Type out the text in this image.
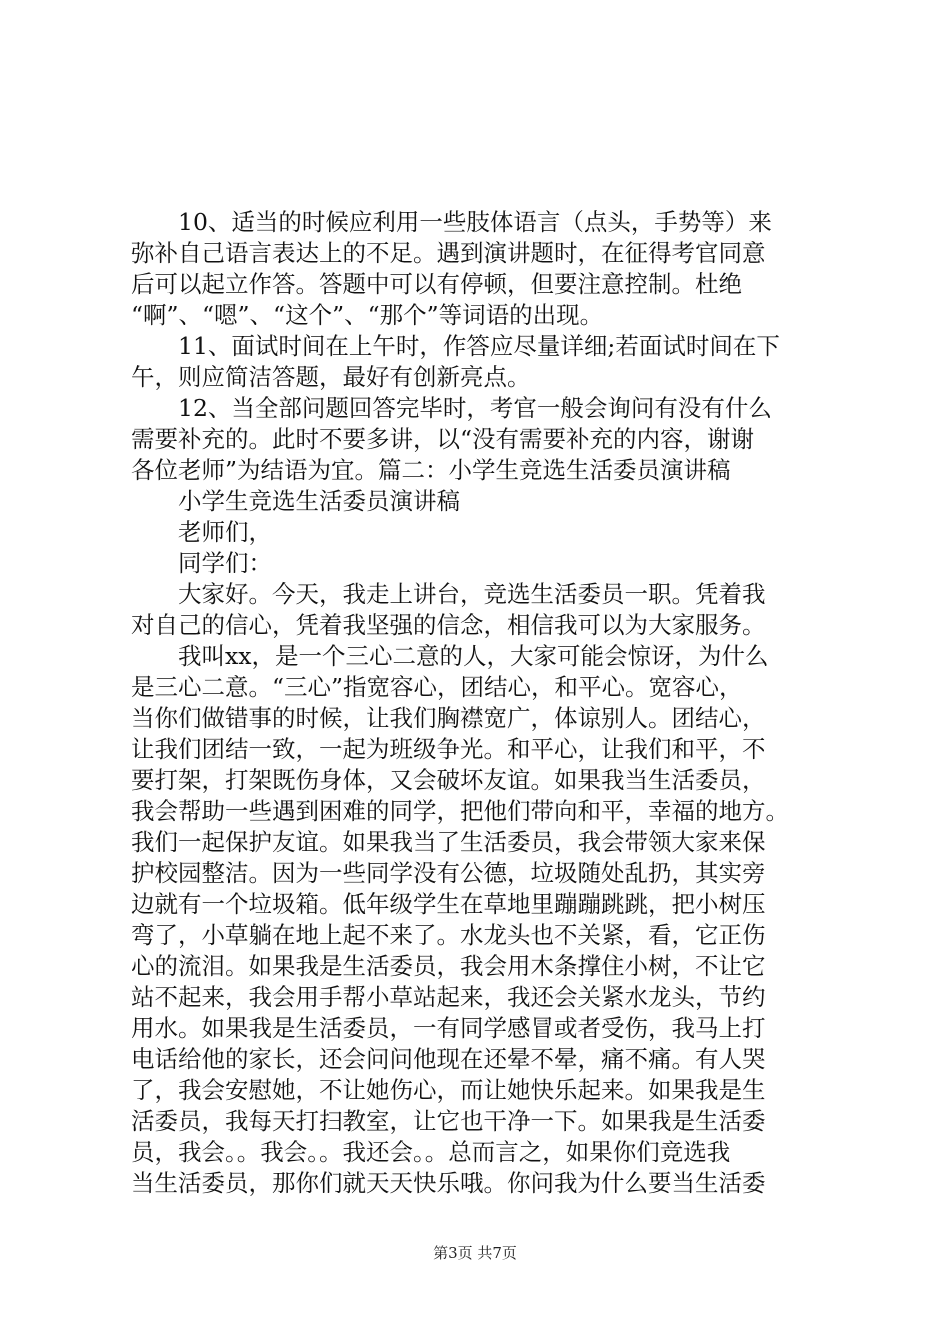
10、适当的时候应利用一些肢体语言（点头，手势等）来
弥补自己语言表达上的不足。遇到演讲题时，在征得考官同意
后可以起立作答。答题中可以有停顿，但要注意控制。杜绝
“啊”、“嗯”、“这个”、“那个”等词语的出现。
11、面试时间在上午时，作答应尽量详细;若面试时间在下
午，则应简洁答题，最好有创新亮点。
12、当全部问题回答完毕时，考官一般会询问有没有什么
需要补充的。此时不要多讲，以“没有需要补充的内容，谢谢
各位老师”为结语为宜。篇二：小学生竞选生活委员演讲稿
小学生竞选生活委员演讲稿
老师们，
同学们：
大家好。今天，我走上讲台，竞选生活委员一职。凭着我
对自己的信心，凭着我坚强的信念，相信我可以为大家服务。
我叫xx，是一个三心二意的人，大家可能会惊讶，为什么
是三心二意。“三心”指宽容心，团结心，和平心。宽容心，
当你们做错事的时候，让我们胸襟宽广，体谅别人。团结心，
让我们团结一致，一起为班级争光。和平心，让我们和平，不
要打架，打架既伤身体，又会破坏友谊。如果我当生活委员，
我会帮助一些遇到困难的同学，把他们带向和平，幸福的地方。
我们一起保护友谊。如果我当了生活委员，我会带领大家来保
护校园整洁。因为一些同学没有公德，垃圾随处乱扔，其实旁
边就有一个垃圾箱。低年级学生在草地里蹦蹦跳跳，把小树压
弯了，小草躺在地上起不来了。水龙头也不关紧，看，它正伤
心的流泪。如果我是生活委员，我会用木条撑住小树，不让它
站不起来，我会用手帮小草站起来，我还会关紧水龙头，节约
用水。如果我是生活委员，一有同学感冒或者受伤，我马上打
电话给他的家长，还会问问他现在还晕不晕，痛不痛。有人哭
了，我会安慰她，不让她伤心，而让她快乐起来。如果我是生
活委员，我每天打扫教室，让它也干净一下。如果我是生活委
员，我会。。我会。。我还会。。总而言之，如果你们竞选我
当生活委员，那你们就天天快乐哦。你问我为什么要当生活委
第3页 共7页
